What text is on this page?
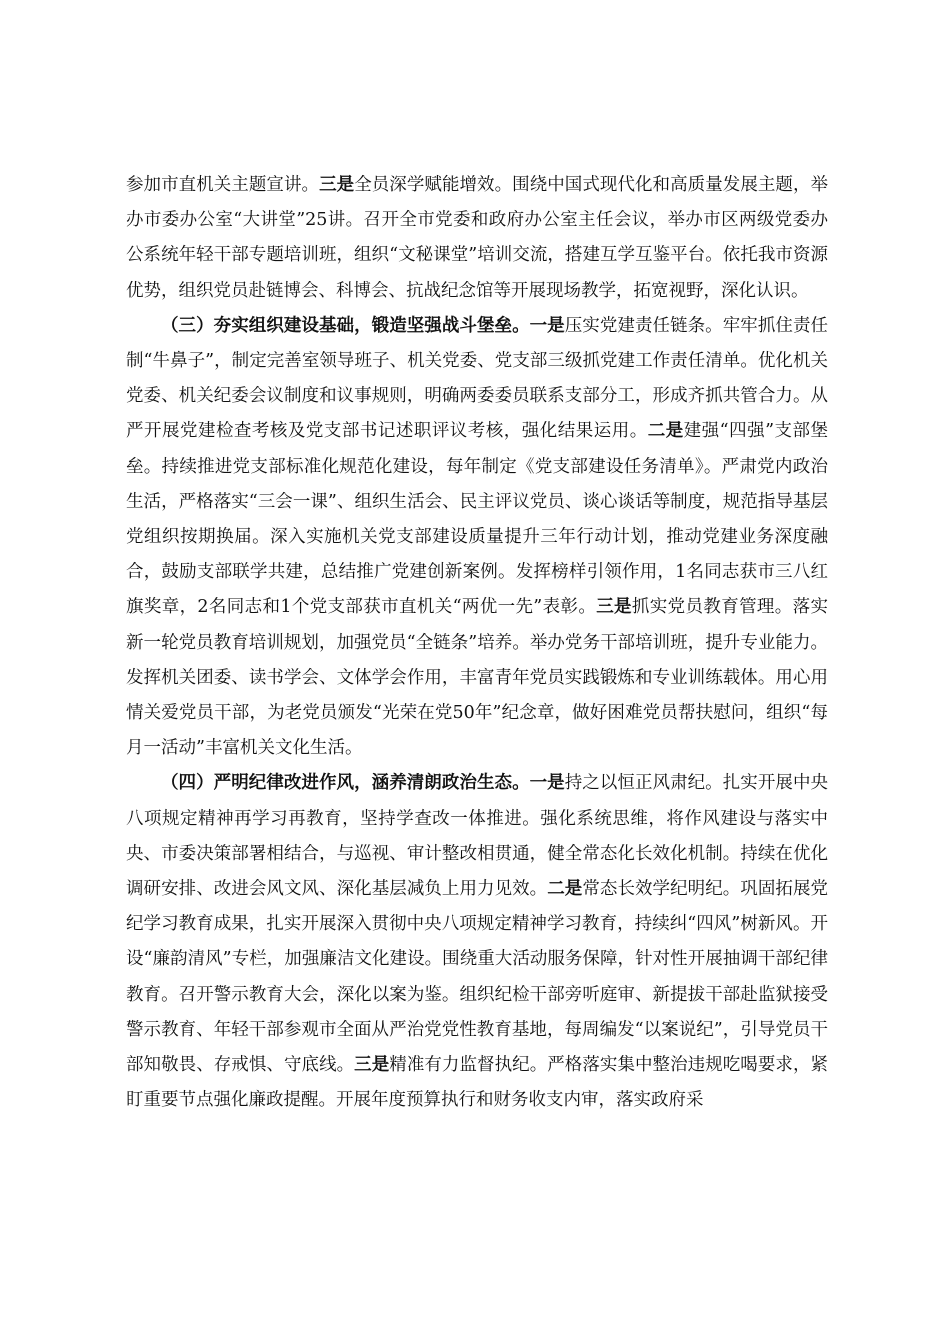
参加市直机关主题宣讲。三是全员深学赋能增效。围绕中国式现代化和高质量发展主题，举办市委办公室“大讲堂”25讲。召开全市党委和政府办公室主任会议，举办市区两级党委办公系统年轻干部专题培训班，组织“文秘课堂”培训交流，搭建互学互鉴平台。依托我市资源优势，组织党员赴链博会、科博会、抗战纪念馆等开展现场教学，拓宽视野，深化认识。

（三）夯实组织建设基础，锻造坚强战斗堡垒。一是压实党建责任链条。牢牢抓住责任制“牛鼻子”，制定完善室领导班子、机关党委、党支部三级抓党建工作责任清单。优化机关党委、机关纪委会议制度和议事规则，明确两委委员联系支部分工，形成齐抓共管合力。从严开展党建检查考核及党支部书记述职评议考核，强化结果运用。二是建强“四强”支部堡垒。持续推进党支部标准化规范化建设，每年制定《党支部建设任务清单》。严肃党内政治生活，严格落实“三会一课”、组织生活会、民主评议党员、谈心谈话等制度，规范指导基层党组织按期换届。深入实施机关党支部建设质量提升三年行动计划，推动党建业务深度融合，鼓励支部联学共建，总结推广党建创新案例。发挥榜样引领作用，1名同志获市三八红旗奖章，2名同志和1个党支部获市直机关“两优一先”表彰。三是抓实党员教育管理。落实新一轮党员教育培训规划，加强党员“全链条”培养。举办党务干部培训班，提升专业能力。发挥机关团委、读书学会、文体学会作用，丰富青年党员实践锻炼和专业训练载体。用心用情关爱党员干部，为老党员颁发“光荣在党50年”纪念章，做好困难党员帮扶慰问，组织“每月一活动”丰富机关文化生活。

（四）严明纪律改进作风，涵养清朗政治生态。一是持之以恒正风肃纪。扎实开展中央八项规定精神再学习再教育，坚持学查改一体推进。强化系统思维，将作风建设与落实中央、市委决策部署相结合，与巡视、审计整改相贯通，健全常态化长效化机制。持续在优化调研安排、改进会风文风、深化基层减负上用力见效。二是常态长效学纪明纪。巩固拓展党纪学习教育成果，扎实开展深入贯彻中央八项规定精神学习教育，持续纠“四风”树新风。开设“廉韵清风”专栏，加强廉洁文化建设。围绕重大活动服务保障，针对性开展抽调干部纪律教育。召开警示教育大会，深化以案为鉴。组织纪检干部旁听庭审、新提拔干部赴监狱接受警示教育、年轻干部参观市全面从严治党党性教育基地，每周编发“以案说纪”，引导党员干部知敬畏、存戒惧、守底线。三是精准有力监督执纪。严格落实集中整治违规吃喝要求，紧盯重要节点强化廉政提醒。开展年度预算执行和财务收支内审，落实政府采
